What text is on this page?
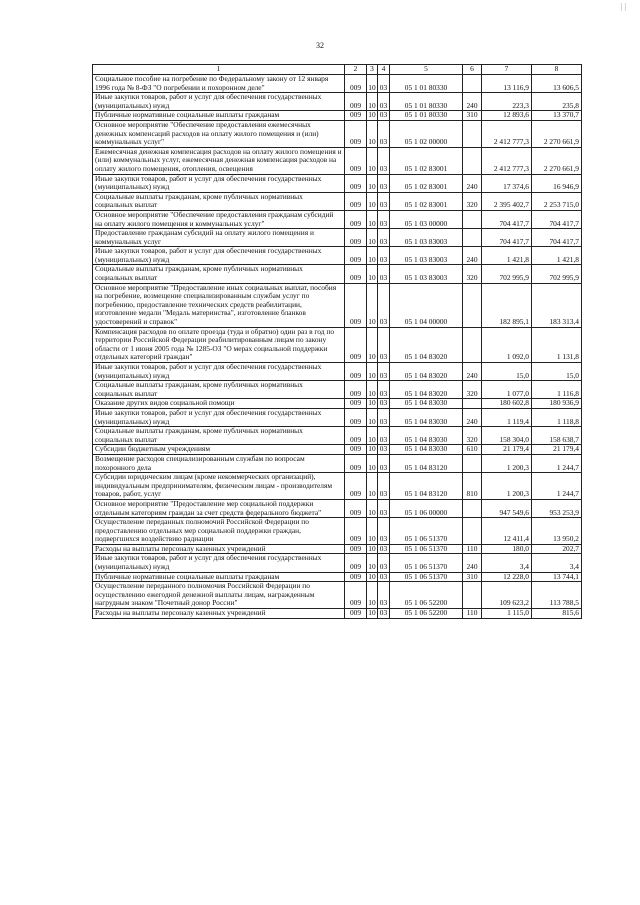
| |
32
1	2	3	4	5	6	7	8
Социальное пособие на погребение по Федеральному закону от 12 января 1996 года № 8-ФЗ "О погребении и похоронном деле"	009	10	03	05 1 01 80330		13 116,9	13 606,5
Иные закупки товаров, работ и услуг для обеспечения государственных (муниципальных) нужд	009	10	03	05 1 01 80330	240	223,3	235,8
Публичные нормативные социальные выплаты гражданам	009	10	03	05 1 01 80330	310	12 893,6	13 370,7
Основное мероприятие "Обеспечение предоставления ежемесячных денежных компенсаций расходов на оплату жилого помещения и (или) коммунальных услуг"	009	10	03	05 1 02 00000		2 412 777,3	2 270 661,9
Ежемесячная денежная компенсация расходов на оплату жилого помещения и (или) коммунальных услуг, ежемесячная денежная компенсация расходов на оплату жилого помещения, отопления, освещения	009	10	03	05 1 02 83001		2 412 777,3	2 270 661,9
Иные закупки товаров, работ и услуг для обеспечения государственных (муниципальных) нужд	009	10	03	05 1 02 83001	240	17 374,6	16 946,9
Социальные выплаты гражданам, кроме публичных нормативных социальных выплат	009	10	03	05 1 02 83001	320	2 395 402,7	2 253 715,0
Основное мероприятие "Обеспечение предоставления гражданам субсидий на оплату жилого помещения и коммунальных услуг"	009	10	03	05 1 03 00000		704 417,7	704 417,7
Предоставление гражданам субсидий на оплату жилого помещения и коммунальных услуг	009	10	03	05 1 03 83003		704 417,7	704 417,7
Иные закупки товаров, работ и услуг для обеспечения государственных (муниципальных) нужд	009	10	03	05 1 03 83003	240	1 421,8	1 421,8
Социальные выплаты гражданам, кроме публичных нормативных социальных выплат	009	10	03	05 1 03 83003	320	702 995,9	702 995,9
Основное мероприятие "Предоставление иных социальных выплат, пособия на погребение, возмещение специализированным службам услуг по погребению, предоставление технических средств реабилитации, изготовление медали "Медаль материнства", изготовление бланков удостоверений и справок"	009	10	03	05 1 04 00000		182 895,1	183 313,4
Компенсация расходов по оплате проезда (туда и обратно) один раз в год по территории Российской Федерации реабилитированным лицам по закону области от 1 июня 2005 года № 1285-ОЗ "О мерах социальной поддержки отдельных категорий граждан"	009	10	03	05 1 04 83020		1 092,0	1 131,8
Иные закупки товаров, работ и услуг для обеспечения государственных (муниципальных) нужд	009	10	03	05 1 04 83020	240	15,0	15,0
Социальные выплаты гражданам, кроме публичных нормативных социальных выплат	009	10	03	05 1 04 83020	320	1 077,0	1 116,8
Оказание других видов социальной помощи	009	10	03	05 1 04 83030		180 602,8	180 936,9
Иные закупки товаров, работ и услуг для обеспечения государственных (муниципальных) нужд	009	10	03	05 1 04 83030	240	1 119,4	1 118,8
Социальные выплаты гражданам, кроме публичных нормативных социальных выплат	009	10	03	05 1 04 83030	320	158 304,0	158 638,7
Субсидии бюджетным учреждениям	009	10	03	05 1 04 83030	610	21 179,4	21 179,4
Возмещение расходов специализированным службам по вопросам похоронного дела	009	10	03	05 1 04 83120		1 200,3	1 244,7
Субсидии юридическим лицам (кроме некоммерческих организаций), индивидуальным предпринимателям, физическим лицам - производителям товаров, работ, услуг	009	10	03	05 1 04 83120	810	1 200,3	1 244,7
Основное мероприятие "Предоставление мер социальной поддержки отдельным категориям граждан за счет средств федерального бюджета"	009	10	03	05 1 06 00000		947 549,6	953 253,9
Осуществление переданных полномочий Российской Федерации по предоставлению отдельных мер социальной поддержки граждан, подвергшихся воздействию радиации	009	10	03	05 1 06 51370		12 411,4	13 950,2
Расходы на выплаты персоналу казенных учреждений	009	10	03	05 1 06 51370	110	180,0	202,7
Иные закупки товаров, работ и услуг для обеспечения государственных (муниципальных) нужд	009	10	03	05 1 06 51370	240	3,4	3,4
Публичные нормативные социальные выплаты гражданам	009	10	03	05 1 06 51370	310	12 228,0	13 744,1
Осуществление переданного полномочия Российской Федерации по осуществлению ежегодной денежной выплаты лицам, награжденным нагрудным знаком "Почетный донор России"	009	10	03	05 1 06 52200		109 623,2	113 788,5
Расходы на выплаты персоналу казенных учреждений	009	10	03	05 1 06 52200	110	1 115,0	815,6
